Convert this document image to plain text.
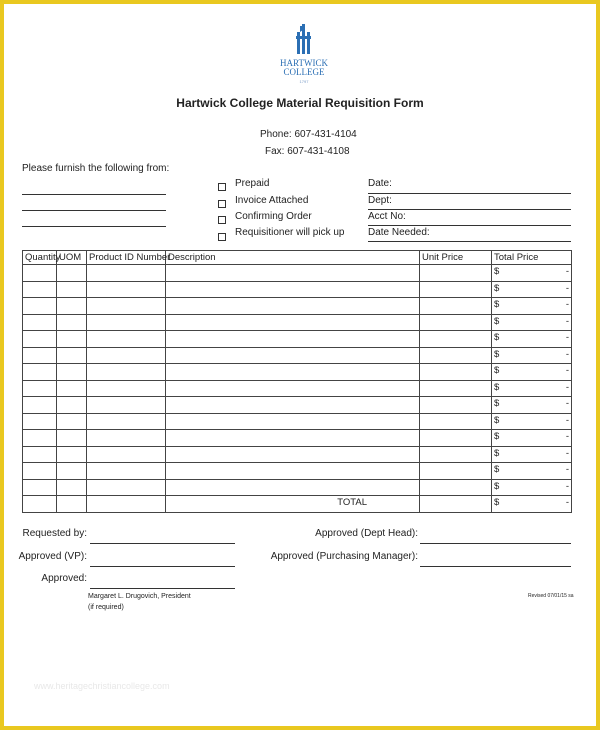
HARTWICK
COLLEGE
1797
Hartwick College Material Requisition Form
Phone: 607-431-4104
Fax: 607-431-4108
Please furnish the following from:
Prepaid
Invoice Attached
Confirming Order
Requisitioner will pick up
Date:
Dept:
Acct No:
Date Needed:
Quantity	UOM	Product ID Number	Description	Unit Price	Total Price

					$ -

					$ -

					$ -

					$ -

					$ -

					$ -

					$ -

					$ -

					$ -

					$ -

					$ -

					$ -

					$ -

					$ -

			TOTAL		$ -
Requested by:
Approved (VP):
Approved:
Approved (Dept Head):
Approved (Purchasing Manager):
Margaret L. Drugovich, President
(if required)
Revised 07/01/15 sa
www.heritagechristiancollege.com
